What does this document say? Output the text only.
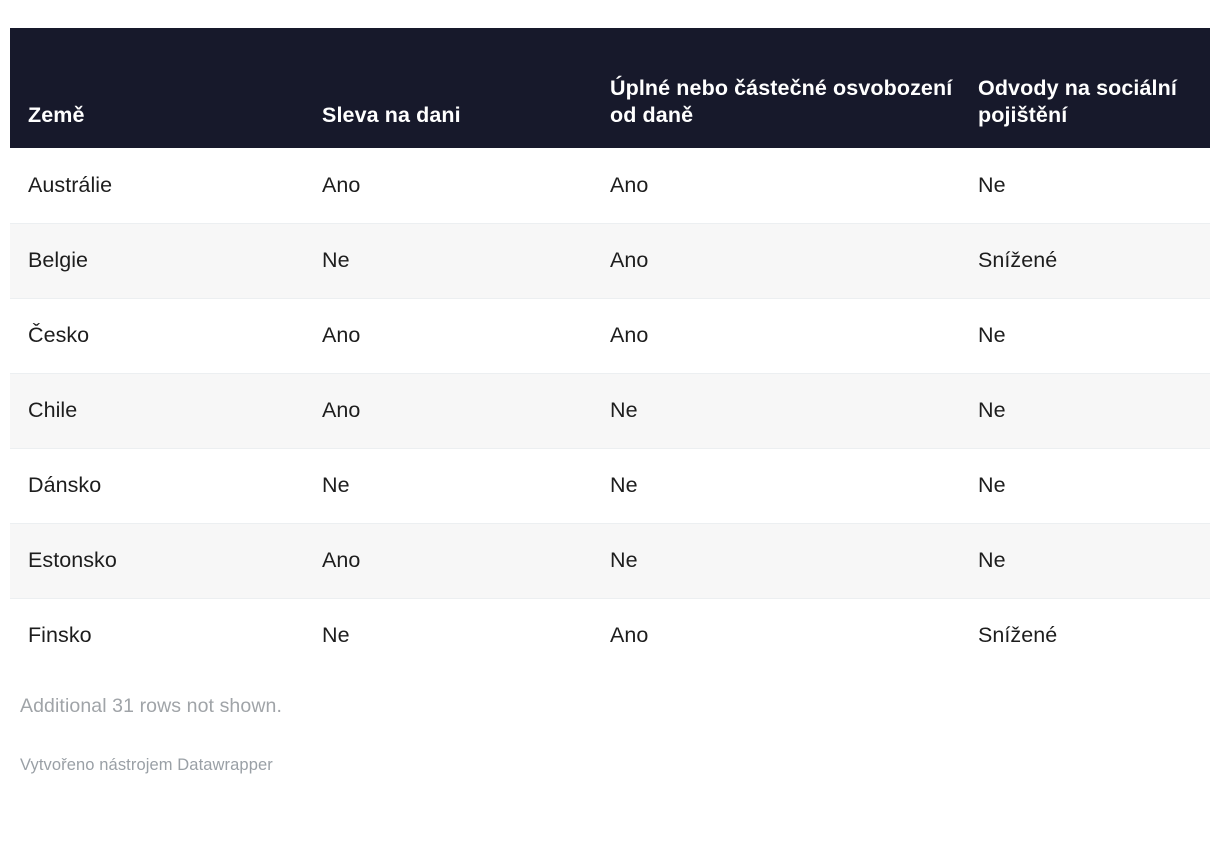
Země	Sleva na dani	Úplné nebo částečné osvobození od daně	Odvody na sociální pojištění
Austrálie	Ano	Ano	Ne
Belgie	Ne	Ano	Snížené
Česko	Ano	Ano	Ne
Chile	Ano	Ne	Ne
Dánsko	Ne	Ne	Ne
Estonsko	Ano	Ne	Ne
Finsko	Ne	Ano	Snížené
Additional 31 rows not shown.
Vytvořeno nástrojem Datawrapper
